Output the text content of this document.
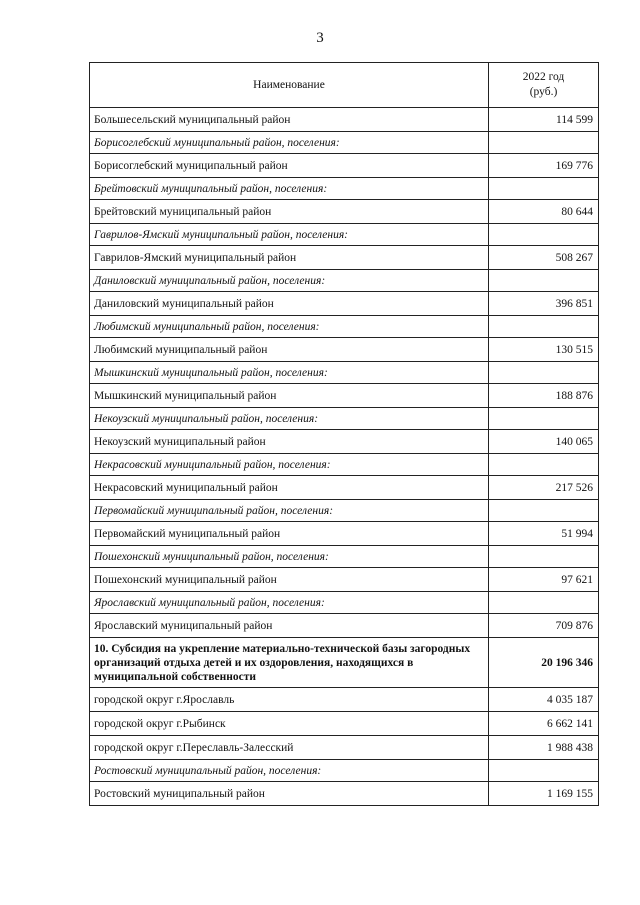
3
Наименование	2022 год
(руб.)
Большесельский муниципальный район	114 599
Борисоглебский муниципальный район, поселения:	
Борисоглебский муниципальный район	169 776
Брейтовский муниципальный район, поселения:	
Брейтовский муниципальный район	80 644
Гаврилов-Ямский муниципальный район, поселения:	
Гаврилов-Ямский муниципальный район	508 267
Даниловский муниципальный район, поселения:	
Даниловский муниципальный район	396 851
Любимский муниципальный район, поселения:	
Любимский муниципальный район	130 515
Мышкинский муниципальный район, поселения:	
Мышкинский муниципальный район	188 876
Некоузский муниципальный район, поселения:	
Некоузский муниципальный район	140 065
Некрасовский муниципальный район, поселения:	
Некрасовский муниципальный район	217 526
Первомайский муниципальный район, поселения:	
Первомайский муниципальный район	51 994
Пошехонский муниципальный район, поселения:	
Пошехонский муниципальный район	97 621
Ярославский муниципальный район, поселения:	
Ярославский муниципальный район	709 876
10. Субсидия на укрепление материально-технической базы загородных организаций отдыха детей и их оздоровления, находящихся в муниципальной собственности	20 196 346
городской округ г.Ярославль	4 035 187
городской округ г.Рыбинск	6 662 141
городской округ г.Переславль-Залесский	1 988 438
Ростовский муниципальный район, поселения:	
Ростовский муниципальный район	1 169 155
